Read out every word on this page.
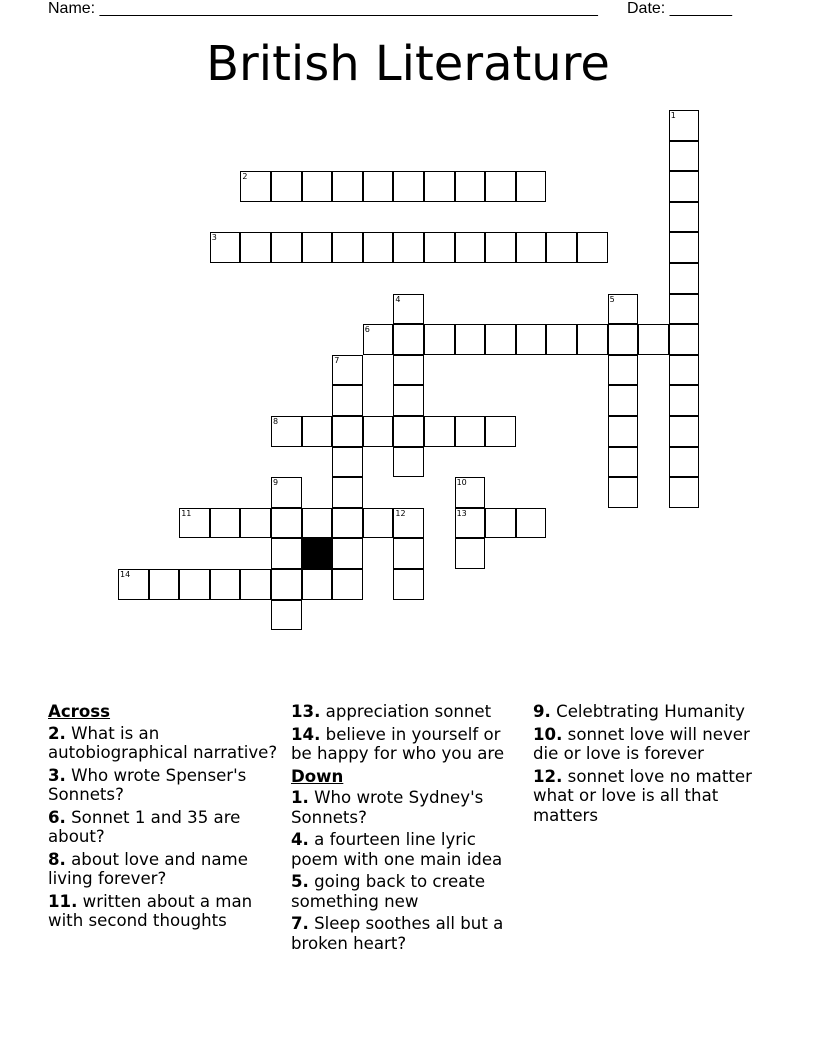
Name: ________________________________________________________ Date: _______
British Literature
1
2
3
4	5
6
7
8
9	10
13
11	12
14
Across
2. What is an autobiographical narrative?
3. Who wrote Spenser's Sonnets?
6. Sonnet 1 and 35 are about?
8. about love and name living forever?
11. written about a man with second thoughts
13. appreciation sonnet
14. believe in yourself or be happy for who you are
Down
1. Who wrote Sydney's Sonnets?
4. a fourteen line lyric poem with one main idea
5. going back to create something new
7. Sleep soothes all but a broken heart?
9. Celebtrating Humanity
10. sonnet love will never die or love is forever
12. sonnet love no matter what or love is all that matters
